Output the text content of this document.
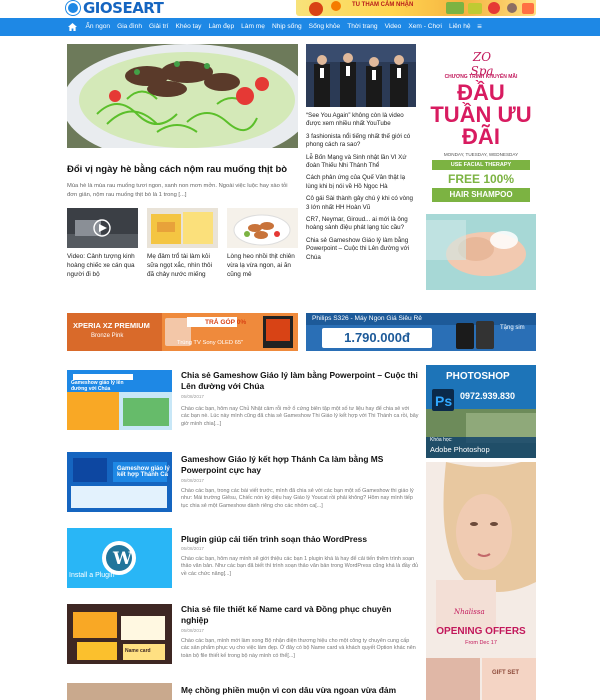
GIOSEART	TU THAM CẢM NHẬN
Ẩn ngon	Gia đình	Giải trí	Khéo tay	Làm đẹp	Làm mẹ	Nhịp sống	Sống khỏe	Thời trang	Video	Xem - Chơi	Liên hệ ≡
Đổi vị ngày hè bằng cách nộm rau muống thịt bò
Mùa hè là mùa rau muống tươi ngon, xanh non mơn mởn. Ngoài việc luộc hay xào tỏi đơn giản, nộm rau muống thịt bò là 1 trong [...]
Video: Cảnh tượng kinh hoàng chiếc xe cán qua người đi bộ
Mẹ đảm trổ tài làm kỏi sữa ngọt xắc, nhìn thôi đã chảy nước miếng
Lòng heo nhồi thịt chiên vừa lạ vừa ngon, ai ăn cũng mê
“See You Again” không còn là video được xem nhiều nhất YouTube
3 fashionista nổi tiếng nhất thế giới có phong cách ra sao?
Lễ Bốn Mạng và Sinh nhật lần VI Xứ đoàn Thiếu Nhi Thánh Thể
Cách phản ứng của Quế Vân thật lạ lùng khi bị nói về Hồ Ngọc Hà
Cô gái Sài thành gây chú ý khi có vòng 3 lớn nhất HH Hoàn Vũ
CR7, Neymar, Giroud... ai mới là ông hoàng sành điệu phát lạng túc cầu?
Chia sẻ Gameshow Giáo lý làm bằng Powerpoint – Cuộc thi Lên đường với Chúa
ZO Spa
CHƯƠNG TRÌNH KHUYẾN MÃI
ĐẦU TUẦN ƯU ĐÃI
MONDAY, TUESDAY, WEDNESDAY
USE FACIAL THERAPY
FREE 100%
HAIR SHAMPOO
XPERIA XZ PREMIUM
Bronze Pink
TRẢ GÓP 0%
Trúng TV Sony OLED 65"
Philips S326 - Máy Ngon Giá Siêu Rẻ
1.790.000đ
Tặng sim
Gameshow giáo lý lên đường với Chúa
Chia sẻ Gameshow Giáo lý làm bằng Powerpoint – Cuộc thi Lên đường với Chúa
05/08/2017
Chào các bạn, hôm nay Chủ Nhật cảm rỗi mở ổ cứng biên tập một số tư liệu hay để chia sẻ với các bạn nè. Lúc này mình cũng đã chia sẻ Gameshow Thi Giáo lý kết hợp với Thi Thánh ca rồi, bây giờ mình chia[...]
Gameshow giáo lý kết hợp Thánh Ca
Gameshow Giáo lý kết hợp Thánh Ca làm bằng MS Powerpoint cực hay
05/08/2017
Chào các bạn, trong các bài viết trước, mình đã chia sẻ với các bạn một số Gameshow thi giáo lý như: Mái trường Giêsu, Chiếc nón kỳ diệu hay Giáo lý Youcat rồi phải không? Hôm nay mình tiếp tục chia sẻ một Gameshow dành riêng cho các nhóm ca[...]
W
Install a Plugin
Plugin giúp cải tiến trình soạn thảo WordPress
05/08/2017
Chào các bạn, hôm nay mình sẽ giới thiệu các bạn 1 plugin khá là hay để cải tiến thêm trình soạn thảo văn bản. Như các bạn đã biết thì trình soạn thảo văn bản trong WordPress cũng khá là đầy đủ về các chức năng[...]
Name card
Chia sẻ file thiết kế Name card và Đồng phục chuyên nghiệp
05/08/2017
Chào các bạn, mình mới làm xong Bộ nhận diện thương hiệu cho một công ty chuyên cung cấp các sản phẩm phục vụ cho việc làm đẹp. Ở đây có bộ Name card và khách quyết Option khác nên toàn bộ file thiết kế trong bộ này mình có thể[...]
Ps
PHOTOSHOP
0972.939.830
Khóa học:
Adobe Photoshop
Nhalissa
OPENING OFFERS
From Dec 17
GIFT SET
Mẹ chồng phiền muộn vì con dâu vừa ngoan vừa đảm
